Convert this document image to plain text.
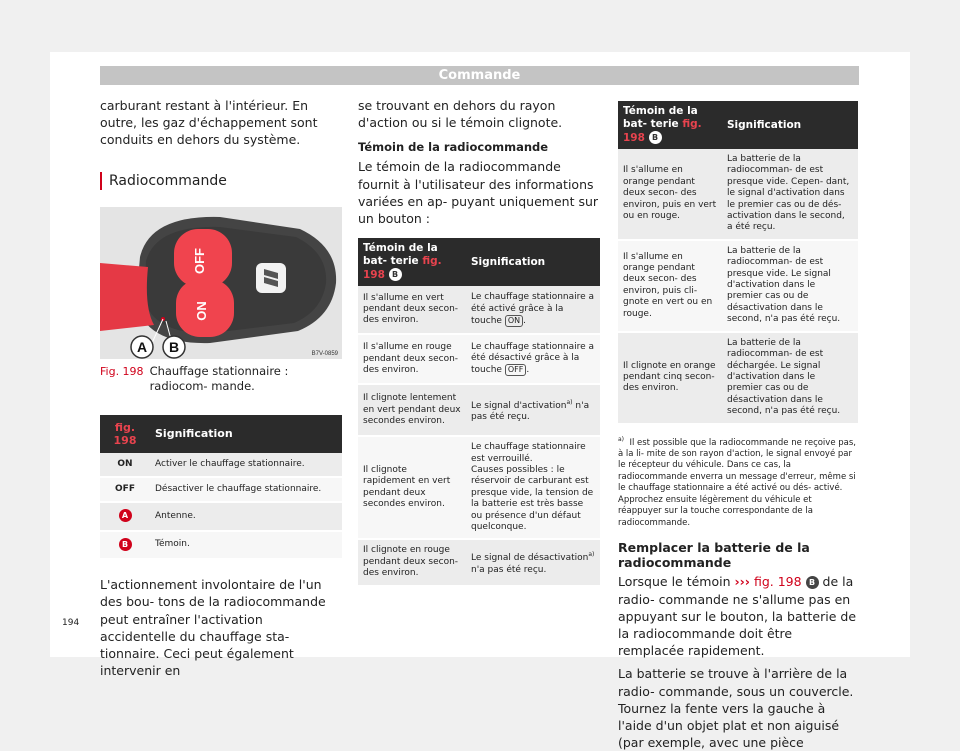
Commande

carburant restant à l'intérieur. En outre, les gaz d'échappement sont conduits en dehors du système.

Radiocommande
OFF
ON
A B	B7V-0859
Fig. 198 Chauffage stationnaire : radiocom- mande.
fig. 198	Signification
ON	Activer le chauffage stationnaire.
OFF	Désactiver le chauffage stationnaire.
A	Antenne.
B	Témoin.

L'actionnement involontaire de l'un des bou- tons de la radiocommande peut entraîner l'activation accidentelle du chauffage sta- tionnaire. Ceci peut également intervenir en

se trouvant en dehors du rayon d'action ou si le témoin clignote.

Témoin de la radiocommande

Le témoin de la radiocommande fournit à l'utilisateur des informations variées en ap- puyant uniquement sur un bouton :

Témoin de la bat- terie fig. 198 B	Signification
Il s'allume en vert pendant deux secon- des environ.	Le chauffage stationnaire a été activé grâce à la touche ON .
Il s'allume en rouge pendant deux secon- des environ.	Le chauffage stationnaire a été désactivé grâce à la touche OFF .
Il clignote lentement en vert pendant deux secondes environ.	Le signal d'activation$^{a)}$ n'a pas été reçu.
Il clignote rapidement en vert pendant deux secondes environ.	Le chauffage stationnaire est verrouillé.
Causes possibles : le réservoir de carburant est presque vide, la tension de la batterie est très basse ou présence d'un défaut quelconque.

Il clignote en rouge pendant deux secon- des environ.	Le signal de désactivation$^{a)}$ n'a pas été reçu.
Témoin de la bat- terie fig. 198 B	Signification
Il s'allume en orange pendant deux secon- des environ, puis en vert ou en rouge.	La batterie de la radiocomman- de est presque vide. Cepen- dant, le signal d'activation dans le premier cas ou de dés- activation dans le second, a été reçu.
Il s'allume en orange pendant deux secon- des environ, puis cli- gnote en vert ou en rouge.	La batterie de la radiocomman- de est presque vide. Le signal d'activation dans le premier cas ou de désactivation dans le second, n'a pas été reçu.
Il clignote en orange pendant cinq secon- des environ.	La batterie de la radiocomman- de est déchargée. Le signal d'activation dans le premier cas ou de désactivation dans le second, n'a pas été reçu.

$^{a)}$ Il est possible que la radiocommande ne reçoive pas, à la li- mite de son rayon d'action, le signal envoyé par le récepteur du véhicule. Dans ce cas, la radiocommande enverra un message d'erreur, même si le chauffage stationnaire a été activé ou dés- activé. Approchez ensuite légèrement du véhicule et réappuyer sur la touche correspondante de la radiocommande.

Remplacer la batterie de la radiocommande

Lorsque le témoin ››› fig. 198 B de la radio- commande ne s'allume pas en appuyant sur le bouton, la batterie de la radiocommande doit être remplacée rapidement.

La batterie se trouve à l'arrière de la radio- commande, sous un couvercle. Tournez la fente vers la gauche à l'aide d'un objet plat et non aiguisé (par exemple, avec une pièce

194
